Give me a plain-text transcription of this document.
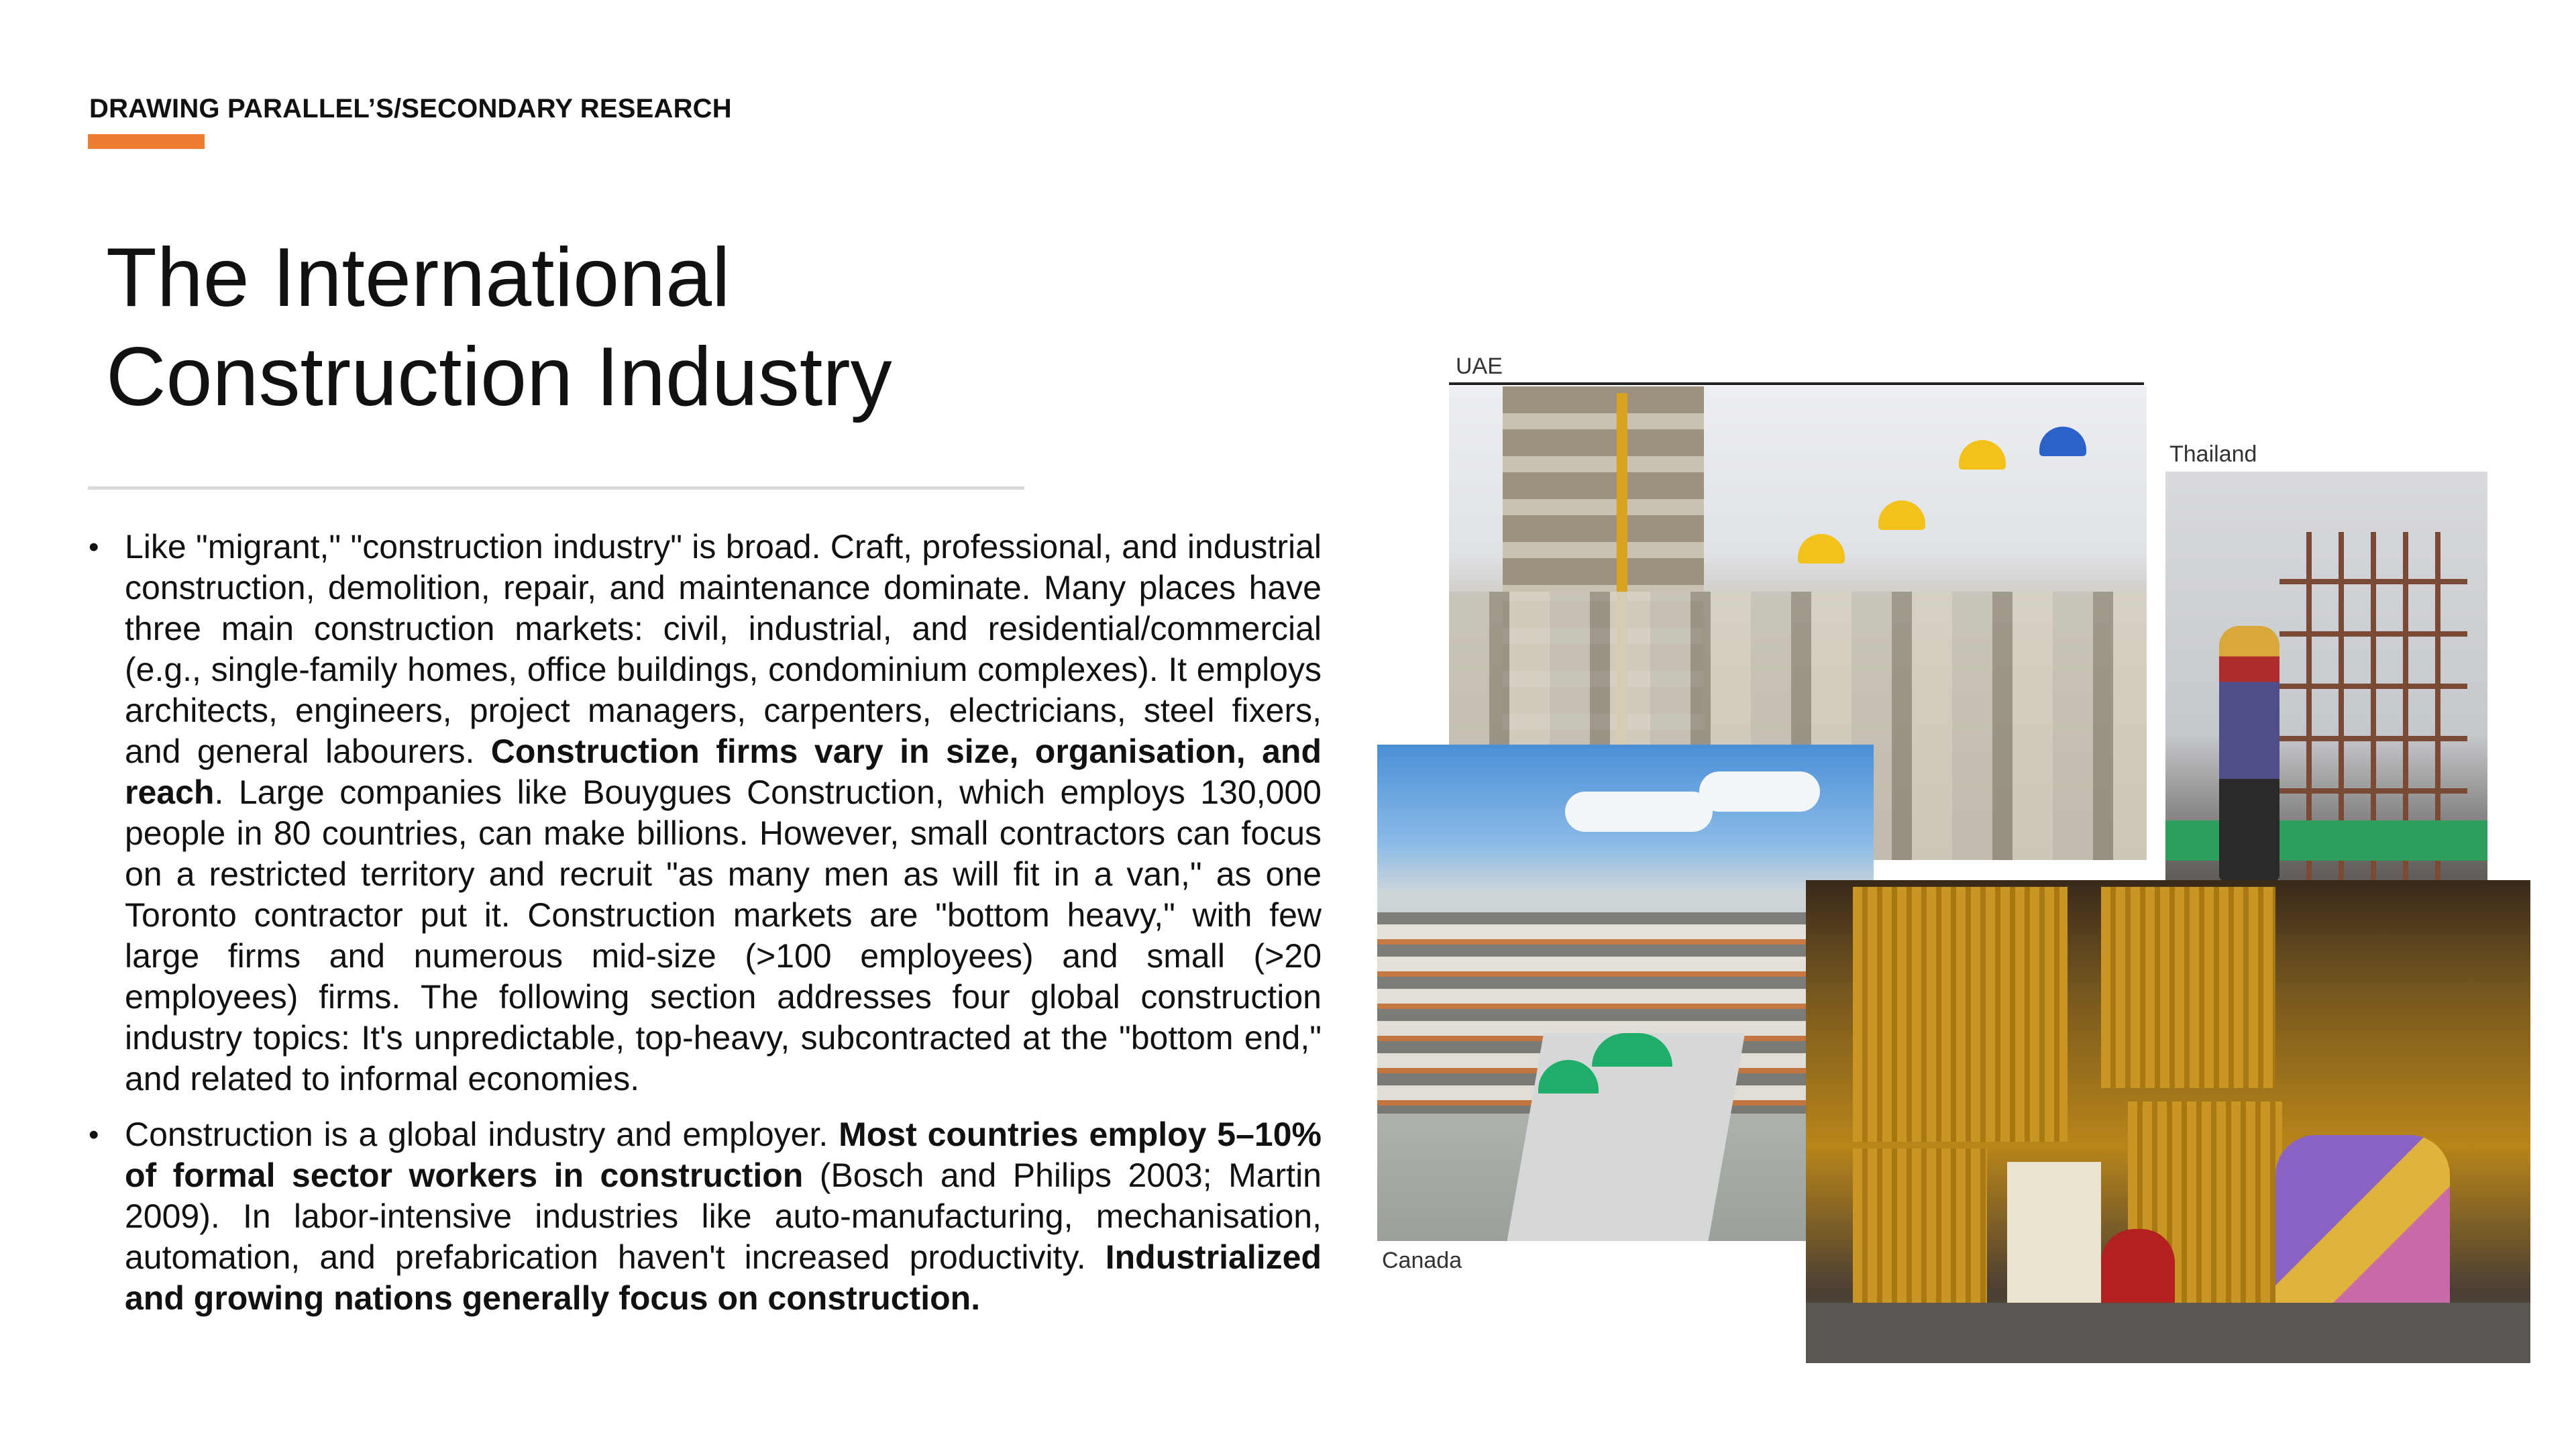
DRAWING PARALLEL’S/SECONDARY RESEARCH
The International
Construction Industry
• Like "migrant," "construction industry" is broad. Craft, professional, and industrial construction, demolition, repair, and maintenance dominate. Many places have three main construction markets: civil, industrial, and residential/commercial (e.g., single-family homes, office buildings, condominium complexes). It employs architects, engineers, project managers, carpenters, electricians, steel fixers, and general labourers. Construction firms vary in size, organisation, and reach. Large companies like Bouygues Construction, which employs 130,000 people in 80 countries, can make billions. However, small contractors can focus on a restricted territory and recruit "as many men as will fit in a van," as one Toronto contractor put it. Construction markets are "bottom heavy," with few large firms and numerous mid-size (>100 employees) and small (>20 employees) firms. The following section addresses four global construction industry topics: It's unpredictable, top-heavy, subcontracted at the "bottom end," and related to informal economies.
• Construction is a global industry and employer. Most countries employ 5–10% of formal sector workers in construction (Bosch and Philips 2003; Martin 2009). In labor-intensive industries like auto-manufacturing, mechanisation, automation, and prefabrication haven't increased productivity. Industrialized and growing nations generally focus on construction.
UAE
Thailand
Canada
